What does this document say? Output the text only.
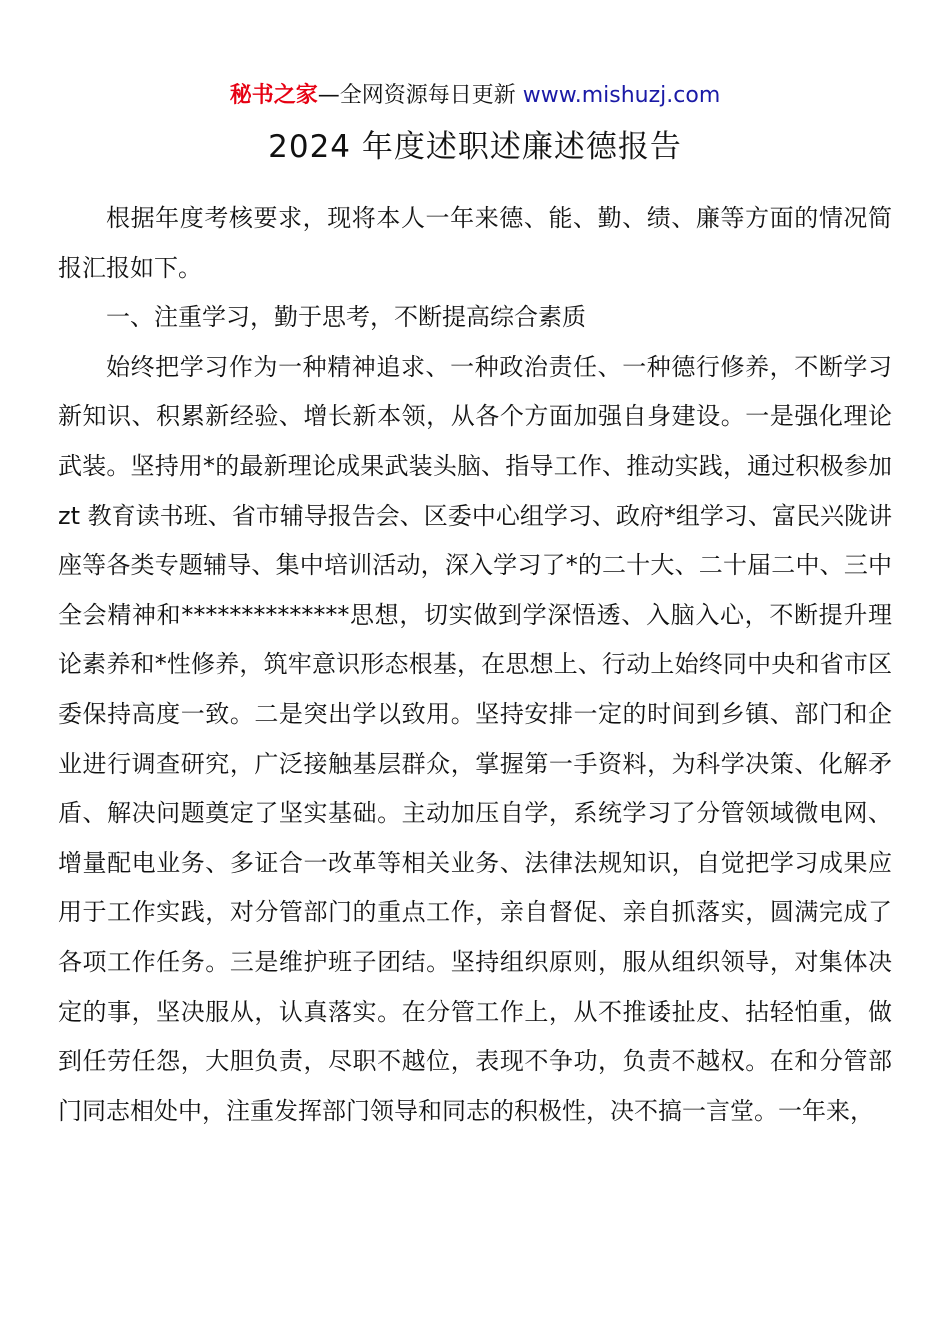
秘书之家—全网资源每日更新 www.mishuzj.com
2024 年度述职述廉述德报告

根据年度考核要求，现将本人一年来德、能、勤、绩、廉等方面的情况简报汇报如下。

一、注重学习，勤于思考，不断提高综合素质

始终把学习作为一种精神追求、一种政治责任、一种德行修养，不断学习新知识、积累新经验、增长新本领，从各个方面加强自身建设。一是强化理论武装。坚持用*的最新理论成果武装头脑、指导工作、推动实践，通过积极参加 zt 教育读书班、省市辅导报告会、区委中心组学习、政府*组学习、富民兴陇讲座等各类专题辅导、集中培训活动，深入学习了*的二十大、二十届二中、三中全会精神和**************思想，切实做到学深悟透、入脑入心，不断提升理论素养和*性修养，筑牢意识形态根基，在思想上、行动上始终同中央和省市区委保持高度一致。二是突出学以致用。坚持安排一定的时间到乡镇、部门和企业进行调查研究，广泛接触基层群众，掌握第一手资料，为科学决策、化解矛盾、解决问题奠定了坚实基础。主动加压自学，系统学习了分管领域微电网、增量配电业务、多证合一改革等相关业务、法律法规知识，自觉把学习成果应用于工作实践，对分管部门的重点工作，亲自督促、亲自抓落实，圆满完成了各项工作任务。三是维护班子团结。坚持组织原则，服从组织领导，对集体决定的事，坚决服从，认真落实。在分管工作上，从不推诿扯皮、拈轻怕重，做到任劳任怨，大胆负责，尽职不越位，表现不争功，负责不越权。在和分管部门同志相处中，注重发挥部门领导和同志的积极性，决不搞一言堂。一年来，
